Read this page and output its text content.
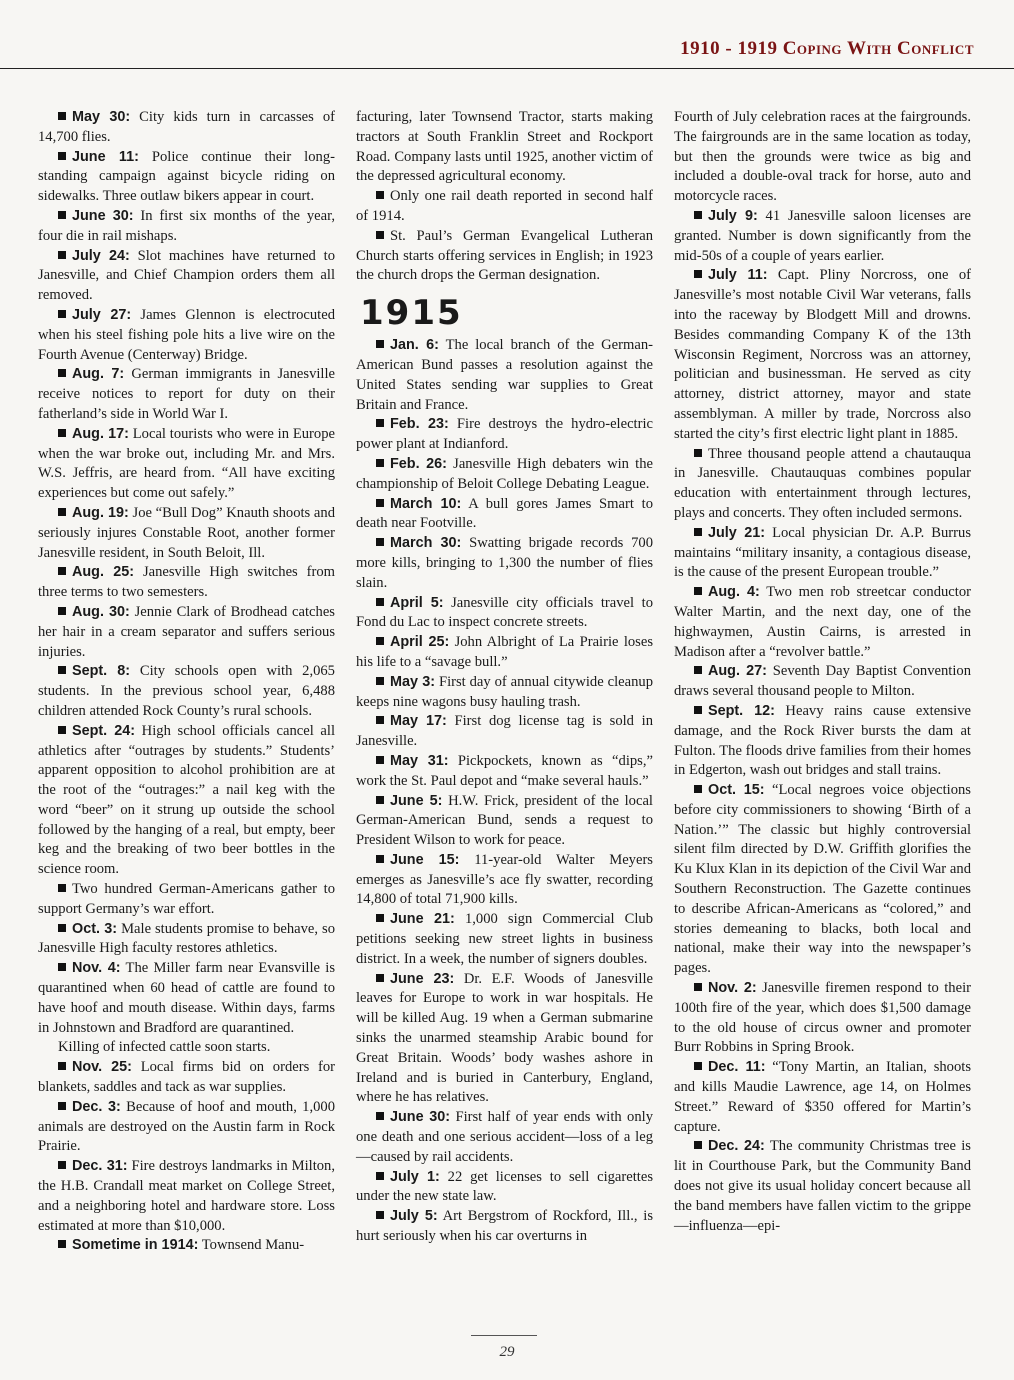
1910 - 1919 Coping With Conflict

May 30: City kids turn in carcasses of 14,700 flies.

June 11: Police continue their long-standing campaign against bicycle riding on sidewalks. Three outlaw bikers appear in court.

June 30: In first six months of the year, four die in rail mishaps.

July 24: Slot machines have returned to Janesville, and Chief Champion orders them all removed.

July 27: James Glennon is electrocuted when his steel fishing pole hits a live wire on the Fourth Avenue (Centerway) Bridge.

Aug. 7: German immigrants in Janesville receive notices to report for duty on their fatherland’s side in World War I.

Aug. 17: Local tourists who were in Europe when the war broke out, including Mr. and Mrs. W.S. Jeffris, are heard from. “All have exciting experiences but come out safely.”

Aug. 19: Joe “Bull Dog” Knauth shoots and seriously injures Constable Root, another former Janesville resident, in South Beloit, Ill.

Aug. 25: Janesville High switches from three terms to two semesters.

Aug. 30: Jennie Clark of Brodhead catches her hair in a cream separator and suffers serious injuries.

Sept. 8: City schools open with 2,065 students. In the previous school year, 6,488 children attended Rock County’s rural schools.

Sept. 24: High school officials cancel all athletics after “outrages by students.” Students’ apparent opposition to alcohol prohibition are at the root of the “outrages:” a nail keg with the word “beer” on it strung up outside the school followed by the hanging of a real, but empty, beer keg and the breaking of two beer bottles in the science room.

Two hundred German-Americans gather to support Germany’s war effort.

Oct. 3: Male students promise to behave, so Janesville High faculty restores athletics.

Nov. 4: The Miller farm near Evansville is quarantined when 60 head of cattle are found to have hoof and mouth disease. Within days, farms in Johnstown and Bradford are quarantined.

Killing of infected cattle soon starts.

Nov. 25: Local firms bid on orders for blankets, saddles and tack as war supplies.

Dec. 3: Because of hoof and mouth, 1,000 animals are destroyed on the Austin farm in Rock Prairie.

Dec. 31: Fire destroys landmarks in Milton, the H.B. Crandall meat market on College Street, and a neighboring hotel and hardware store. Loss estimated at more than $10,000.

Sometime in 1914: Townsend Manu-

facturing, later Townsend Tractor, starts making tractors at South Franklin Street and Rockport Road. Company lasts until 1925, another victim of the depressed agricultural economy.

Only one rail death reported in second half of 1914.

St. Paul’s German Evangelical Lutheran Church starts offering services in English; in 1923 the church drops the German designation.

1915

Jan. 6: The local branch of the German-American Bund passes a resolution against the United States sending war supplies to Great Britain and France.

Feb. 23: Fire destroys the hydro-electric power plant at Indianford.

Feb. 26: Janesville High debaters win the championship of Beloit College Debating League.

March 10: A bull gores James Smart to death near Footville.

March 30: Swatting brigade records 700 more kills, bringing to 1,300 the number of flies slain.

April 5: Janesville city officials travel to Fond du Lac to inspect concrete streets.

April 25: John Albright of La Prairie loses his life to a “savage bull.”

May 3: First day of annual citywide cleanup keeps nine wagons busy hauling trash.

May 17: First dog license tag is sold in Janesville.

May 31: Pickpockets, known as “dips,” work the St. Paul depot and “make several hauls.”

June 5: H.W. Frick, president of the local German-American Bund, sends a request to President Wilson to work for peace.

June 15: 11-year-old Walter Meyers emerges as Janesville’s ace fly swatter, recording 14,800 of total 71,900 kills.

June 21: 1,000 sign Commercial Club petitions seeking new street lights in business district. In a week, the number of signers doubles.

June 23: Dr. E.F. Woods of Janesville leaves for Europe to work in war hospitals. He will be killed Aug. 19 when a German submarine sinks the unarmed steamship Arabic bound for Great Britain. Woods’ body washes ashore in Ireland and is buried in Canterbury, England, where he has relatives.

June 30: First half of year ends with only one death and one serious accident—loss of a leg—caused by rail accidents.

July 1: 22 get licenses to sell cigarettes under the new state law.

July 5: Art Bergstrom of Rockford, Ill., is hurt seriously when his car overturns in

Fourth of July celebration races at the fairgrounds. The fairgrounds are in the same location as today, but then the grounds were twice as big and included a double-oval track for horse, auto and motorcycle races.

July 9: 41 Janesville saloon licenses are granted. Number is down significantly from the mid-50s of a couple of years earlier.

July 11: Capt. Pliny Norcross, one of Janesville’s most notable Civil War veterans, falls into the raceway by Blodgett Mill and drowns. Besides commanding Company K of the 13th Wisconsin Regiment, Norcross was an attorney, politician and businessman. He served as city attorney, district attorney, mayor and state assemblyman. A miller by trade, Norcross also started the city’s first electric light plant in 1885.

Three thousand people attend a chautauqua in Janesville. Chautauquas combines popular education with entertainment through lectures, plays and concerts. They often included sermons.

July 21: Local physician Dr. A.P. Burrus maintains “military insanity, a contagious disease, is the cause of the present European trouble.”

Aug. 4: Two men rob streetcar conductor Walter Martin, and the next day, one of the highwaymen, Austin Cairns, is arrested in Madison after a “revolver battle.”

Aug. 27: Seventh Day Baptist Convention draws several thousand people to Milton.

Sept. 12: Heavy rains cause extensive damage, and the Rock River bursts the dam at Fulton. The floods drive families from their homes in Edgerton, wash out bridges and stall trains.

Oct. 15: “Local negroes voice objections before city commissioners to showing ‘Birth of a Nation.’” The classic but highly controversial silent film directed by D.W. Griffith glorifies the Ku Klux Klan in its depiction of the Civil War and Southern Reconstruction. The Gazette continues to describe African-Americans as “colored,” and stories demeaning to blacks, both local and national, make their way into the newspaper’s pages.

Nov. 2: Janesville firemen respond to their 100th fire of the year, which does $1,500 damage to the old house of circus owner and promoter Burr Robbins in Spring Brook.

Dec. 11: “Tony Martin, an Italian, shoots and kills Maudie Lawrence, age 14, on Holmes Street.” Reward of $350 offered for Martin’s capture.

Dec. 24: The community Christmas tree is lit in Courthouse Park, but the Community Band does not give its usual holiday concert because all the band members have fallen victim to the grippe—influenza—epi-

29
